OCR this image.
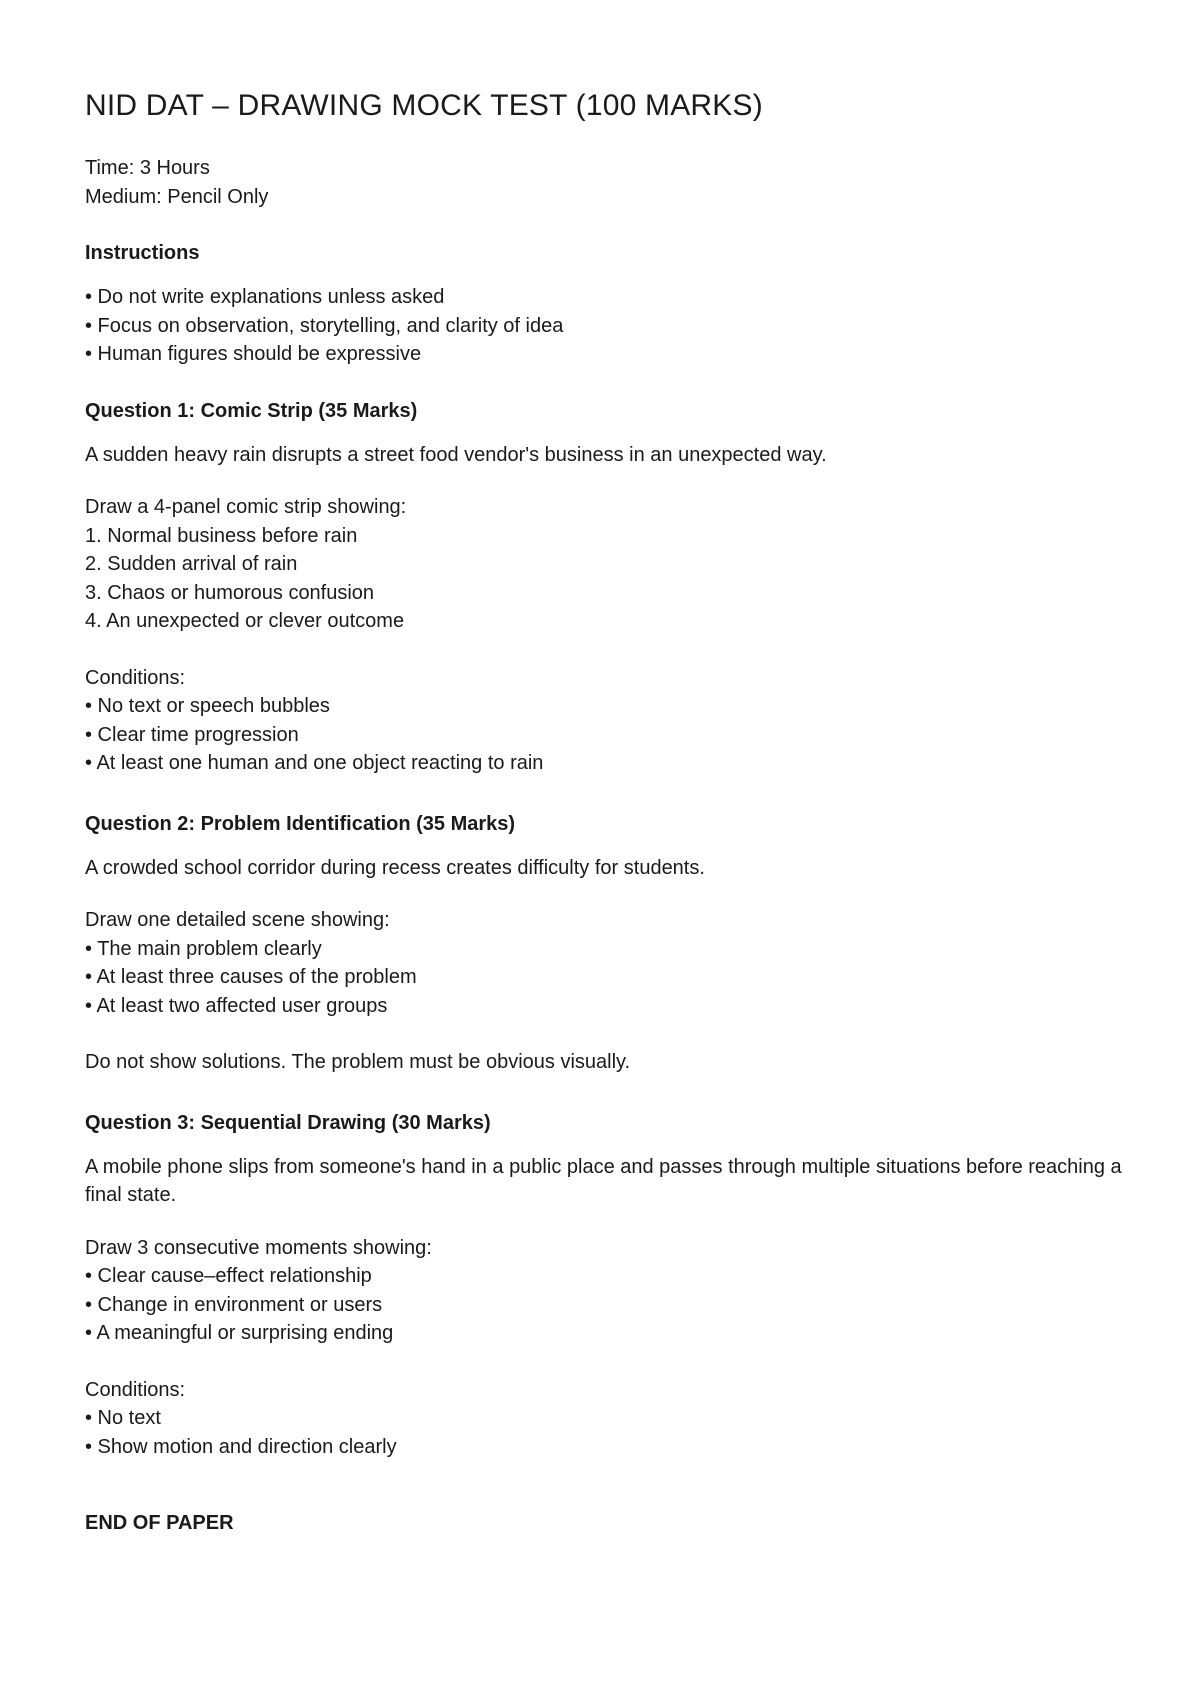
NID DAT – DRAWING MOCK TEST (100 MARKS)

Time: 3 Hours

Medium: Pencil Only

Instructions

• Do not write explanations unless asked

• Focus on observation, storytelling, and clarity of idea

• Human figures should be expressive

Question 1: Comic Strip (35 Marks)

A sudden heavy rain disrupts a street food vendor's business in an unexpected way.

Draw a 4-panel comic strip showing:

1. Normal business before rain

2. Sudden arrival of rain

3. Chaos or humorous confusion

4. An unexpected or clever outcome

Conditions:

• No text or speech bubbles

• Clear time progression

• At least one human and one object reacting to rain

Question 2: Problem Identification (35 Marks)

A crowded school corridor during recess creates difficulty for students.

Draw one detailed scene showing:

• The main problem clearly

• At least three causes of the problem

• At least two affected user groups

Do not show solutions. The problem must be obvious visually.

Question 3: Sequential Drawing (30 Marks)

A mobile phone slips from someone's hand in a public place and passes through multiple situations before reaching a final state.

Draw 3 consecutive moments showing:

• Clear cause–effect relationship

• Change in environment or users

• A meaningful or surprising ending

Conditions:

• No text

• Show motion and direction clearly

END OF PAPER
